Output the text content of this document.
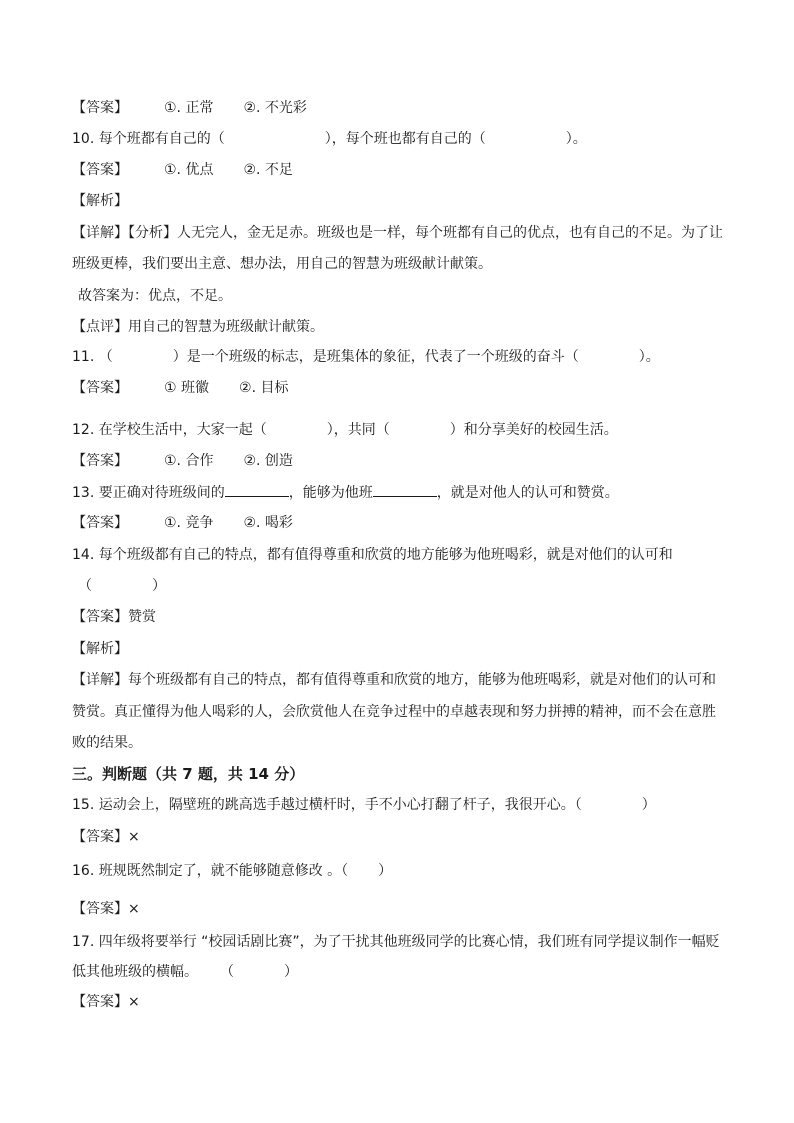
【答案】	①. 正常 ②. 不光彩
10. 每个班都有自己的（	），每个班也都有自己的（	）。
【答案】	①. 优点 ②. 不足
【解析】
【详解】【分析】人无完人，金无足赤。班级也是一样，每个班都有自己的优点，也有自己的不足。为了让
班级更棒，我们要出主意、想办法，用自己的智慧为班级献计献策。
故答案为：优点，不足。
【点评】用自己的智慧为班级献计献策。
11. （	）是一个班级的标志，是班集体的象征，代表了一个班级的奋斗（	）。
【答案】	① 班徽 ②. 目标
12. 在学校生活中，大家一起（	），共同（	）和分享美好的校园生活。
【答案】	①. 合作 ②. 创造
13. 要正确对待班级间的	，能够为他班	，就是对他人的认可和赞赏。
【答案】	①. 竞争 ②. 喝彩
14. 每个班级都有自己的特点，都有值得尊重和欣赏的地方能够为他班喝彩，就是对他们的认可和
（	）
【答案】赞赏
【解析】
【详解】每个班级都有自己的特点，都有值得尊重和欣赏的地方，能够为他班喝彩，就是对他们的认可和
赞赏。真正懂得为他人喝彩的人，会欣赏他人在竞争过程中的卓越表现和努力拼搏的精神，而不会在意胜
败的结果。
三。判断题（共 7 题，共 14 分）
15. 运动会上，隔壁班的跳高选手越过横杆时，手不小心打翻了杆子，我很开心。（	）
【答案】×
16. 班规既然制定了，就不能够随意修改 。（ ）
【答案】×
17. 四年级将要举行 “校园话剧比赛”，为了干扰其他班级同学的比赛心情，我们班有同学提议制作一幅贬
低其他班级的横幅。 （	）
【答案】×
